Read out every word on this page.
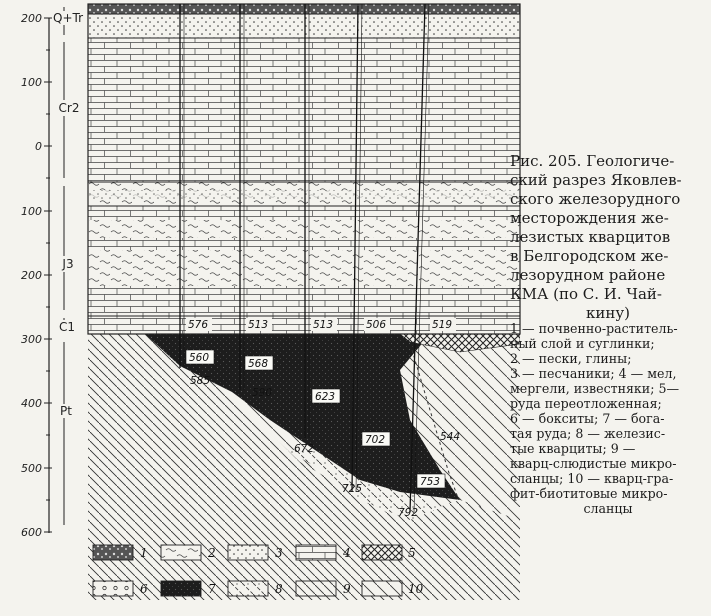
200
100
0
100
200
300
400
500
600
Q+Tr
Cr2
J3
C1
Pt
576	513	513	506	519
560	568
623
702
753
585
590
672
725
792
544
1	2	3	4	5
6	7	8	9	10
Рис. 205. Геологиче-
ский разрез Яковлев-
ского железорудного
месторождения же-
лезистых кварцитов
в Белгородском же-
лезорудном районе
КМА (по С. И. Чай-
кину)
1 — почвенно-раститель-
ный слой и суглинки;
2 — пески, глины;
3 — песчаники; 4 — мел,
мергели, известняки; 5—
руда переотложенная;
6 — бокситы; 7 — бога-
тая руда; 8 — железис-
тые кварциты; 9 —
кварц-слюдистые микро-
сланцы; 10 — кварц-гра-
фит-биотитовые микро-
сланцы
